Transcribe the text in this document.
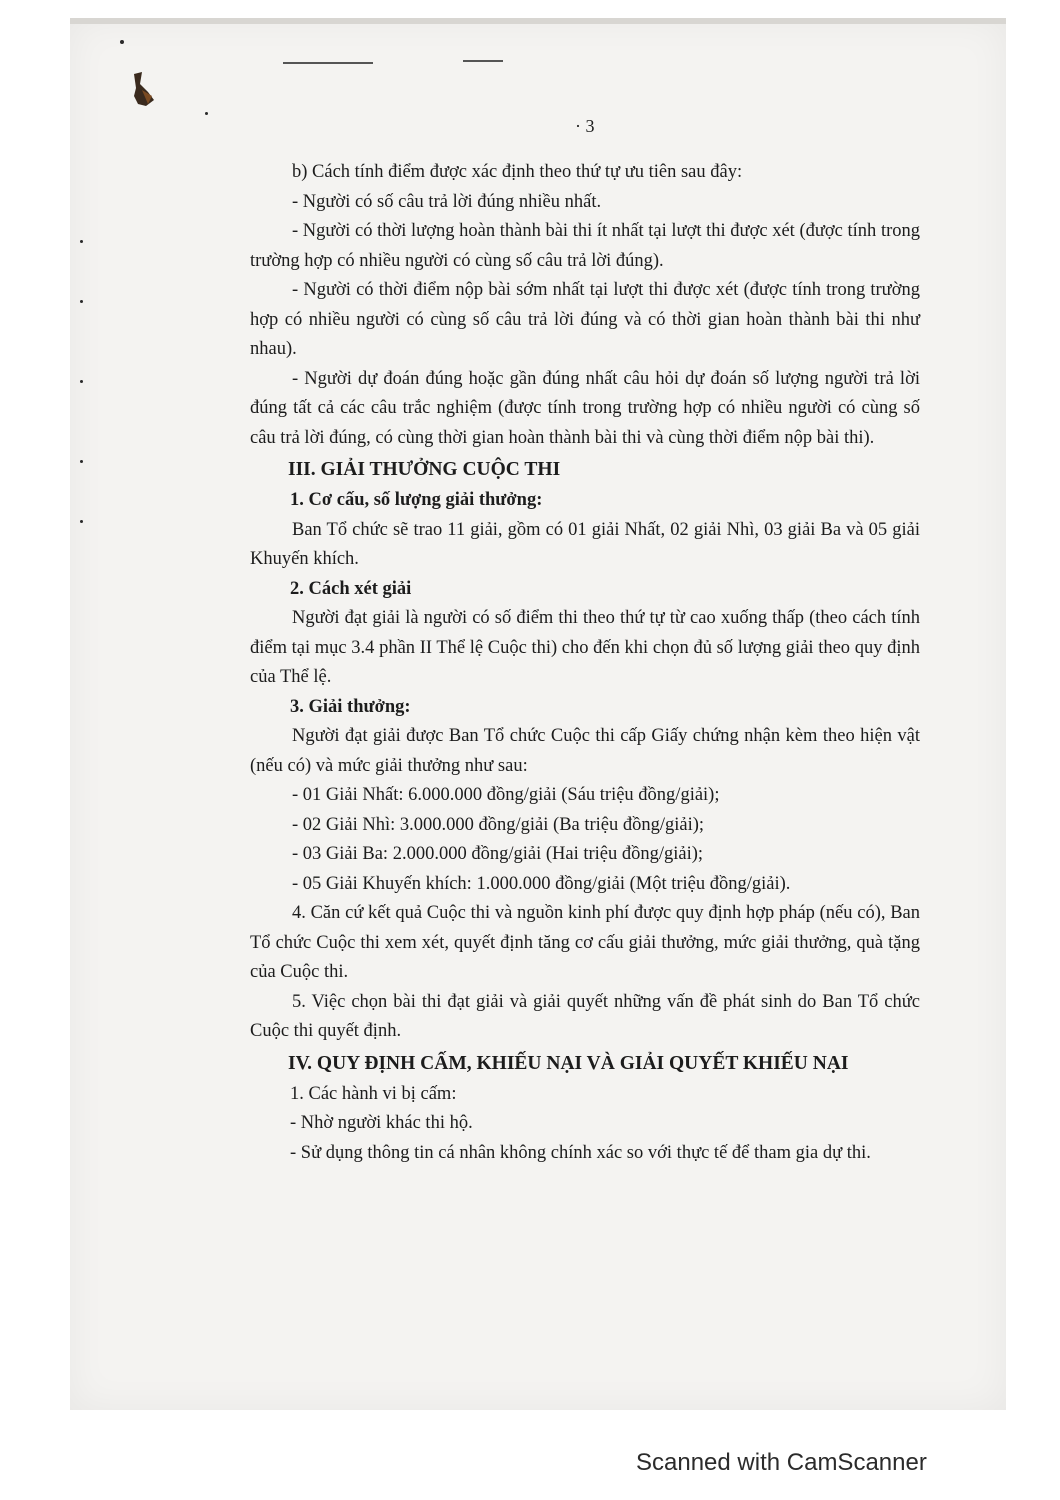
· 3

b) Cách tính điểm được xác định theo thứ tự ưu tiên sau đây:

- Người có số câu trả lời đúng nhiều nhất.

- Người có thời lượng hoàn thành bài thi ít nhất tại lượt thi được xét (được tính trong trường hợp có nhiều người có cùng số câu trả lời đúng).

- Người có thời điểm nộp bài sớm nhất tại lượt thi được xét (được tính trong trường hợp có nhiều người có cùng số câu trả lời đúng và có thời gian hoàn thành bài thi như nhau).

- Người dự đoán đúng hoặc gần đúng nhất câu hỏi dự đoán số lượng người trả lời đúng tất cả các câu trắc nghiệm (được tính trong trường hợp có nhiều người có cùng số câu trả lời đúng, có cùng thời gian hoàn thành bài thi và cùng thời điểm nộp bài thi).

III. GIẢI THƯỞNG CUỘC THI
1. Cơ cấu, số lượng giải thưởng:

Ban Tổ chức sẽ trao 11 giải, gồm có 01 giải Nhất, 02 giải Nhì, 03 giải Ba và 05 giải Khuyến khích.

2. Cách xét giải

Người đạt giải là người có số điểm thi theo thứ tự từ cao xuống thấp (theo cách tính điểm tại mục 3.4 phần II Thể lệ Cuộc thi) cho đến khi chọn đủ số lượng giải theo quy định của Thể lệ.

3. Giải thưởng:

Người đạt giải được Ban Tổ chức Cuộc thi cấp Giấy chứng nhận kèm theo hiện vật (nếu có) và mức giải thưởng như sau:

- 01 Giải Nhất: 6.000.000 đồng/giải (Sáu triệu đồng/giải);

- 02 Giải Nhì: 3.000.000 đồng/giải (Ba triệu đồng/giải);

- 03 Giải Ba: 2.000.000 đồng/giải (Hai triệu đồng/giải);

- 05 Giải Khuyến khích: 1.000.000 đồng/giải (Một triệu đồng/giải).

4. Căn cứ kết quả Cuộc thi và nguồn kinh phí được quy định hợp pháp (nếu có), Ban Tổ chức Cuộc thi xem xét, quyết định tăng cơ cấu giải thưởng, mức giải thưởng, quà tặng của Cuộc thi.

5. Việc chọn bài thi đạt giải và giải quyết những vấn đề phát sinh do Ban Tổ chức Cuộc thi quyết định.

IV. QUY ĐỊNH CẤM, KHIẾU NẠI VÀ GIẢI QUYẾT KHIẾU NẠI

1. Các hành vi bị cấm:

- Nhờ người khác thi hộ.

- Sử dụng thông tin cá nhân không chính xác so với thực tế để tham gia dự thi.

Scanned with CamScanner
